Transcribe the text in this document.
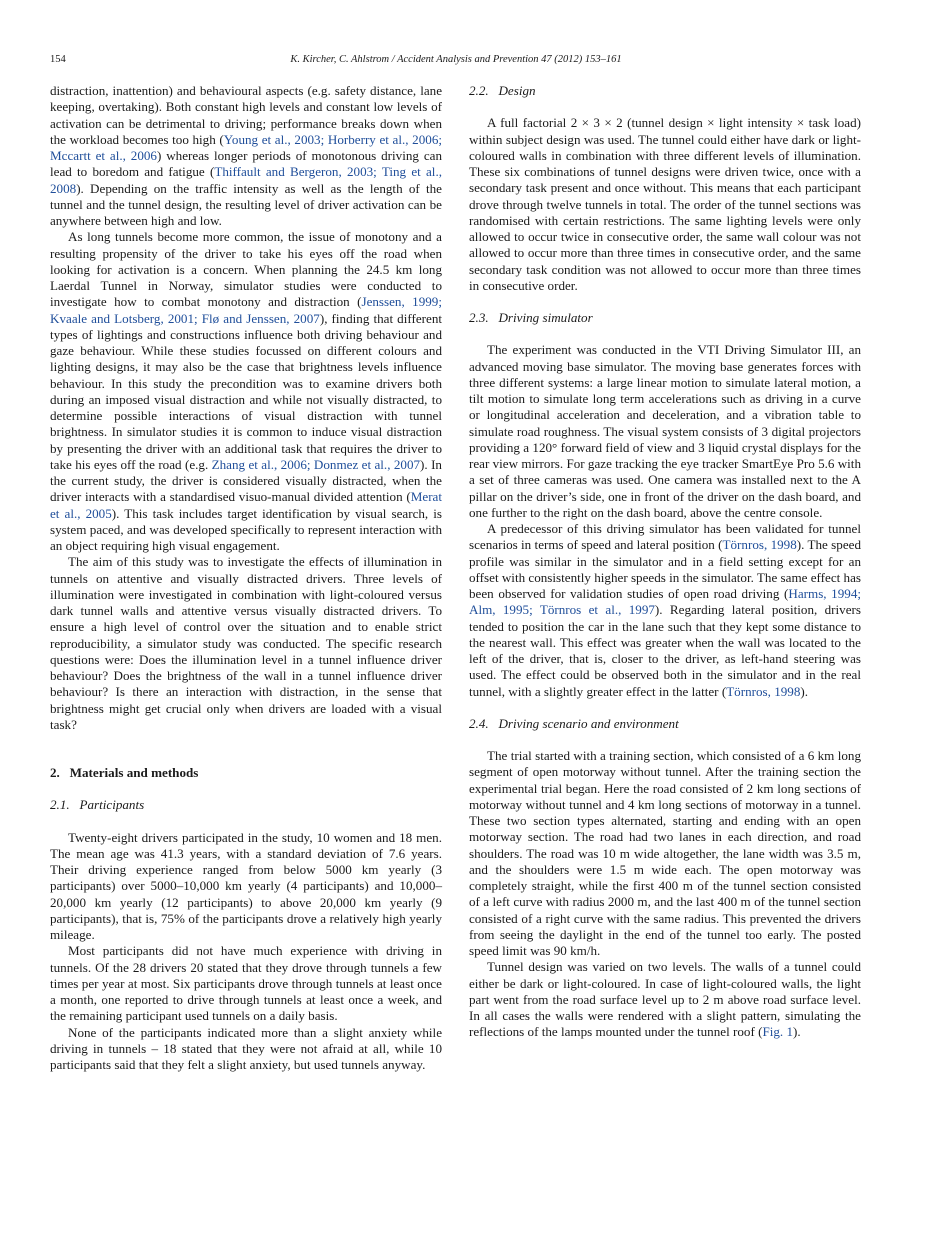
154	K. Kircher, C. Ahlstrom / Accident Analysis and Prevention 47 (2012) 153–161

distraction, inattention) and behavioural aspects (e.g. safety distance, lane keeping, overtaking). Both constant high levels and constant low levels of activation can be detrimental to driving; performance breaks down when the workload becomes too high (Young et al., 2003; Horberry et al., 2006; Mccartt et al., 2006) whereas longer periods of monotonous driving can lead to boredom and fatigue (Thiffault and Bergeron, 2003; Ting et al., 2008). Depending on the traffic intensity as well as the length of the tunnel and the tunnel design, the resulting level of driver activation can be anywhere between high and low.

As long tunnels become more common, the issue of monotony and a resulting propensity of the driver to take his eyes off the road when looking for activation is a concern. When planning the 24.5 km long Laerdal Tunnel in Norway, simulator studies were conducted to investigate how to combat monotony and distraction (Jenssen, 1999; Kvaale and Lotsberg, 2001; Flø and Jenssen, 2007), finding that different types of lightings and constructions influence both driving behaviour and gaze behaviour. While these studies focussed on different colours and lighting designs, it may also be the case that brightness levels influence behaviour. In this study the precondition was to examine drivers both during an imposed visual distraction and while not visually distracted, to determine possible interactions of visual distraction with tunnel brightness. In simulator studies it is common to induce visual distraction by presenting the driver with an additional task that requires the driver to take his eyes off the road (e.g. Zhang et al., 2006; Donmez et al., 2007). In the current study, the driver is considered visually distracted, when the driver interacts with a standardised visuo-manual divided attention (Merat et al., 2005). This task includes target identification by visual search, is system paced, and was developed specifically to represent interaction with an object requiring high visual engagement.

The aim of this study was to investigate the effects of illumination in tunnels on attentive and visually distracted drivers. Three levels of illumination were investigated in combination with light-coloured versus dark tunnel walls and attentive versus visually distracted drivers. To ensure a high level of control over the situation and to enable strict reproducibility, a simulator study was conducted. The specific research questions were: Does the illumination level in a tunnel influence driver behaviour? Does the brightness of the wall in a tunnel influence driver behaviour? Is there an interaction with distraction, in the sense that brightness might get crucial only when drivers are loaded with a visual task?

2.   Materials and methods
2.1.   Participants

Twenty-eight drivers participated in the study, 10 women and 18 men. The mean age was 41.3 years, with a standard deviation of 7.6 years. Their driving experience ranged from below 5000 km yearly (3 participants) over 5000–10,000 km yearly (4 participants) and 10,000–20,000 km yearly (12 participants) to above 20,000 km yearly (9 participants), that is, 75% of the participants drove a relatively high yearly mileage.

Most participants did not have much experience with driving in tunnels. Of the 28 drivers 20 stated that they drove through tunnels a few times per year at most. Six participants drove through tunnels at least once a month, one reported to drive through tunnels at least once a week, and the remaining participant used tunnels on a daily basis.

None of the participants indicated more than a slight anxiety while driving in tunnels – 18 stated that they were not afraid at all, while 10 participants said that they felt a slight anxiety, but used tunnels anyway.

2.2.   Design

A full factorial 2 × 3 × 2 (tunnel design × light intensity × task load) within subject design was used. The tunnel could either have dark or light-coloured walls in combination with three different levels of illumination. These six combinations of tunnel designs were driven twice, once with a secondary task present and once without. This means that each participant drove through twelve tunnels in total. The order of the tunnel sections was randomised with certain restrictions. The same lighting levels were only allowed to occur twice in consecutive order, the same wall colour was not allowed to occur more than three times in consecutive order, and the same secondary task condition was not allowed to occur more than three times in consecutive order.

2.3.   Driving simulator

The experiment was conducted in the VTI Driving Simulator III, an advanced moving base simulator. The moving base generates forces with three different systems: a large linear motion to simulate lateral motion, a tilt motion to simulate long term accelerations such as driving in a curve or longitudinal acceleration and deceleration, and a vibration table to simulate road roughness. The visual system consists of 3 digital projectors providing a 120° forward field of view and 3 liquid crystal displays for the rear view mirrors. For gaze tracking the eye tracker SmartEye Pro 5.6 with a set of three cameras was used. One camera was installed next to the A pillar on the driver’s side, one in front of the driver on the dash board, and one further to the right on the dash board, above the centre console.

A predecessor of this driving simulator has been validated for tunnel scenarios in terms of speed and lateral position (Törnros, 1998). The speed profile was similar in the simulator and in a field setting except for an offset with consistently higher speeds in the simulator. The same effect has been observed for validation studies of open road driving (Harms, 1994; Alm, 1995; Törnros et al., 1997). Regarding lateral position, drivers tended to position the car in the lane such that they kept some distance to the nearest wall. This effect was greater when the wall was located to the left of the driver, that is, closer to the driver, as left-hand steering was used. The effect could be observed both in the simulator and in the real tunnel, with a slightly greater effect in the latter (Törnros, 1998).

2.4.   Driving scenario and environment

The trial started with a training section, which consisted of a 6 km long segment of open motorway without tunnel. After the training section the experimental trial began. Here the road consisted of 2 km long sections of motorway without tunnel and 4 km long sections of motorway in a tunnel. These two section types alternated, starting and ending with an open motorway section. The road had two lanes in each direction, and road shoulders. The road was 10 m wide altogether, the lane width was 3.5 m, and the shoulders were 1.5 m wide each. The open motorway was completely straight, while the first 400 m of the tunnel section consisted of a left curve with radius 2000 m, and the last 400 m of the tunnel section consisted of a right curve with the same radius. This prevented the drivers from seeing the daylight in the end of the tunnel too early. The posted speed limit was 90 km/h.

Tunnel design was varied on two levels. The walls of a tunnel could either be dark or light-coloured. In case of light-coloured walls, the light part went from the road surface level up to 2 m above road surface level. In all cases the walls were rendered with a slight pattern, simulating the reflections of the lamps mounted under the tunnel roof (Fig. 1).
